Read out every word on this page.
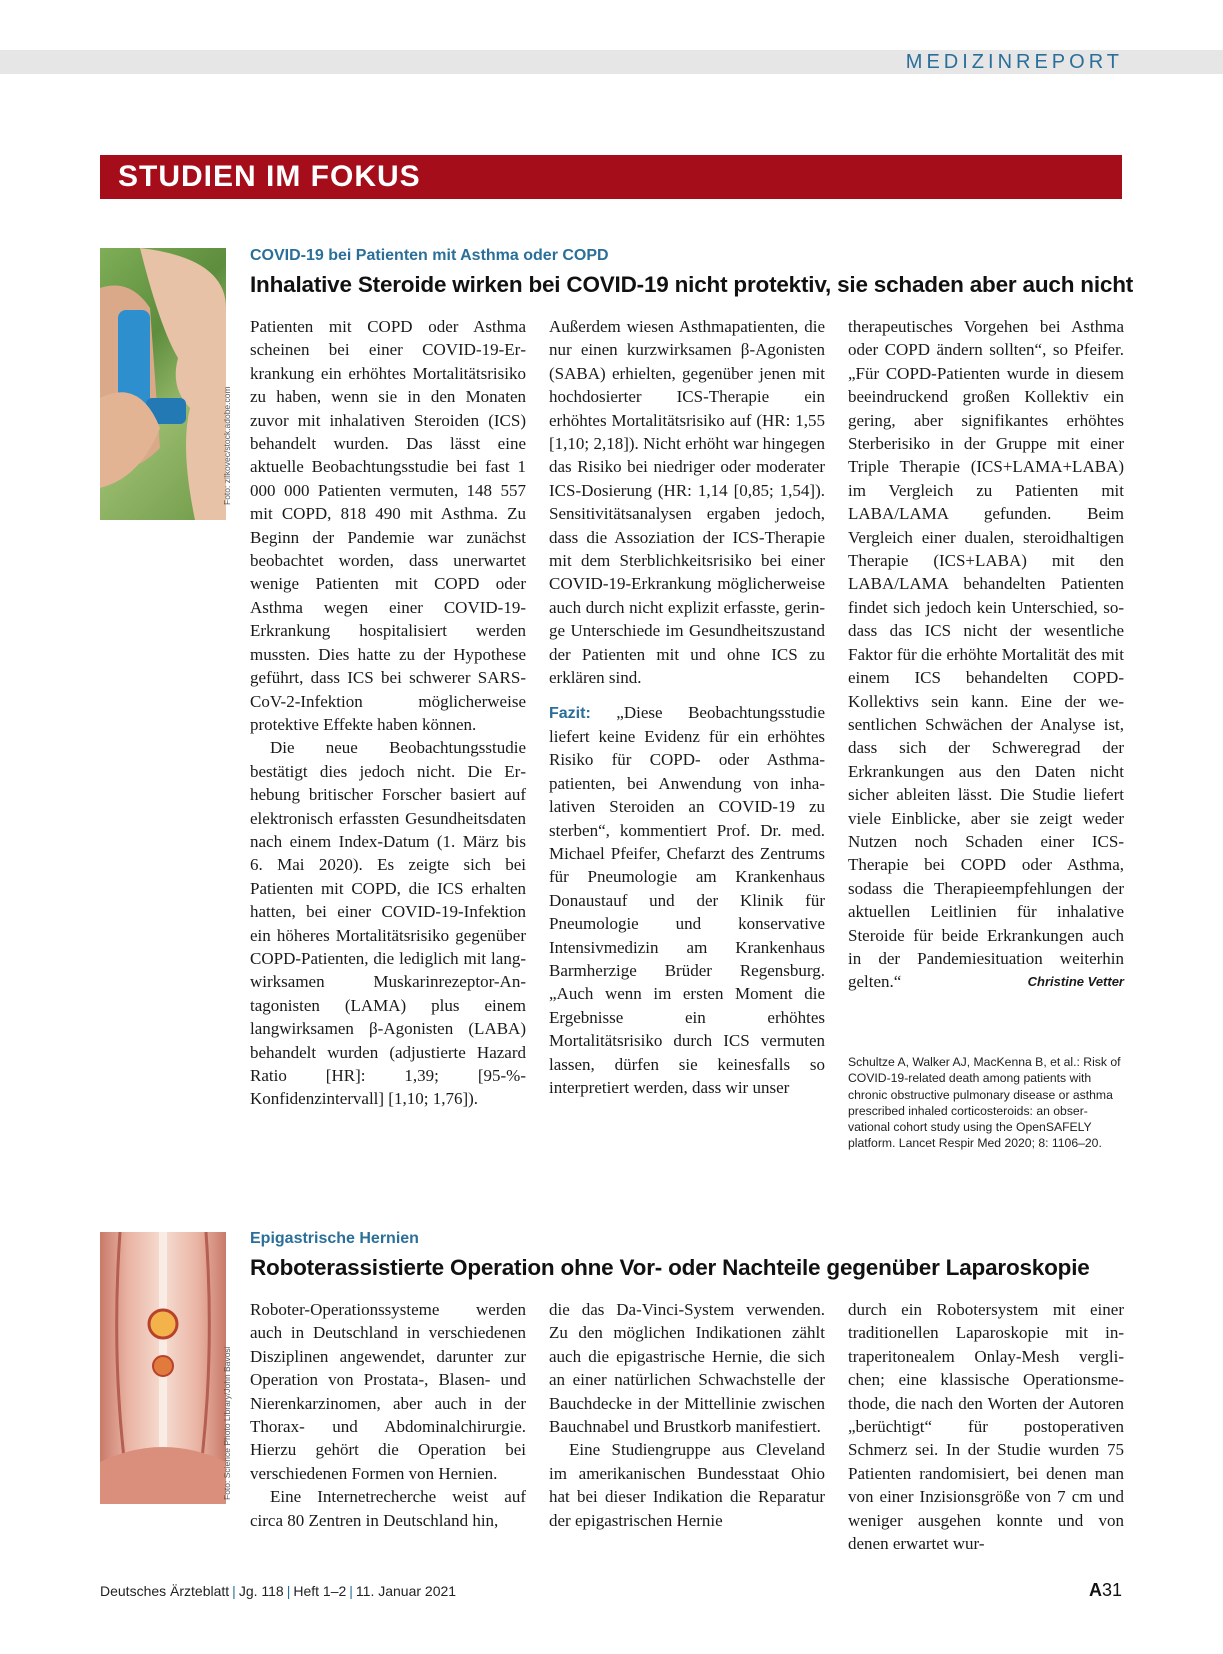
MEDIZINREPORT
STUDIEN IM FOKUS
Foto: zilkovec/stock.adobe.com
COVID-19 bei Patienten mit Asthma oder COPD
Inhalative Steroide wirken bei COVID-19 nicht protektiv, sie schaden aber auch nicht

Patienten mit COPD oder Asthma scheinen bei einer COVID-19-Erkrankung ein erhöhtes Mortalitätsrisiko zu haben, wenn sie in den Monaten zuvor mit inhalativen Steroiden (ICS) behandelt wurden. Das lässt eine aktuelle Beobachtungsstudie bei fast 1 000 000 Patienten vermuten, 148 557 mit COPD, 818 490 mit Asthma. Zu Beginn der Pandemie war zunächst beobachtet worden, dass unerwartet wenige Patienten mit COPD oder Asthma wegen einer COVID-19-Erkrankung hospitalisiert werden mussten. Dies hatte zu der Hypothese geführt, dass ICS bei schwerer SARS-CoV-2-Infektion möglicherweise protektive Effekte haben können.

Die neue Beobachtungsstudie bestätigt dies jedoch nicht. Die Erhebung britischer Forscher basiert auf elektronisch erfassten Gesundheitsdaten nach einem Index-Datum (1. März bis 6. Mai 2020). Es zeigte sich bei Patienten mit COPD, die ICS erhalten hatten, bei einer COVID-19-Infektion ein höheres Mortalitätsrisiko gegenüber COPD-Patienten, die lediglich mit langwirksamen Muskarinrezeptor-Antagonisten (LAMA) plus einem langwirksamen β-Agonisten (LABA) behandelt wurden (adjustierte Hazard Ratio [HR]: 1,39; [95-%-Konfidenzintervall] [1,10; 1,76]).

Außerdem wiesen Asthmapatienten, die nur einen kurzwirksamen β-Agonisten (SABA) erhielten, gegenüber jenen mit hochdosierter ICS-Therapie ein erhöhtes Mortalitätsrisiko auf (HR: 1,55 [1,10; 2,18]). Nicht erhöht war hingegen das Risiko bei niedriger oder moderater ICS-Dosierung (HR: 1,14 [0,85; 1,54]). Sensitivitätsanalysen ergaben jedoch, dass die Assoziation der ICS-Therapie mit dem Sterblichkeitsrisiko bei einer COVID-19-Erkrankung möglicherweise auch durch nicht explizit erfasste, geringe Unterschiede im Gesundheitszustand der Patienten mit und ohne ICS zu erklären sind.

Fazit: „Diese Beobachtungsstudie liefert keine Evidenz für ein erhöhtes Risiko für COPD- oder Asthmapatienten, bei Anwendung von inhalativen Steroiden an COVID-19 zu sterben“, kommentiert Prof. Dr. med. Michael Pfeifer, Chefarzt des Zentrums für Pneumologie am Krankenhaus Donaustauf und der Klinik für Pneumologie und konservative Intensivmedizin am Krankenhaus Barmherzige Brüder Regensburg. „Auch wenn im ersten Moment die Ergebnisse ein erhöhtes Mortalitätsrisiko durch ICS vermuten lassen, dürfen sie keinesfalls so interpretiert werden, dass wir unser

therapeutisches Vorgehen bei Asthma oder COPD ändern sollten“, so Pfeifer. „Für COPD-Patienten wurde in diesem beeindruckend großen Kollektiv ein gering, aber signifikantes erhöhtes Sterberisiko in der Gruppe mit einer Triple Therapie (ICS+LAMA+LABA) im Vergleich zu Patienten mit LABA/LAMA gefunden. Beim Vergleich einer dualen, steroidhaltigen Therapie (ICS+LABA) mit den LABA/LAMA behandelten Patienten findet sich jedoch kein Unterschied, sodass das ICS nicht der wesentliche Faktor für die erhöhte Mortalität des mit einem ICS behandelten COPD-Kollektivs sein kann. Eine der wesentlichen Schwächen der Analyse ist, dass sich der Schweregrad der Erkrankungen aus den Daten nicht sicher ableiten lässt. Die Studie liefert viele Einblicke, aber sie zeigt weder Nutzen noch Schaden einer ICS-Therapie bei COPD oder Asthma, sodass die Therapieempfehlungen der aktuellen Leitlinien für inhalative Steroide für beide Erkrankungen auch in der Pandemiesituation weiterhin gelten.“	Christine Vetter

Schultze A, Walker AJ, MacKenna B, et al.: Risk of COVID-19-related death among patients with chronic obstructive pulmonary disease or asthma prescribed inhaled corticosteroids: an observational cohort study using the OpenSAFELY platform. Lancet Respir Med 2020; 8: 1106–20.
Foto: Science Photo Library/John Bavosi
Epigastrische Hernien
Roboterassistierte Operation ohne Vor- oder Nachteile gegenüber Laparoskopie

Roboter-Operationssysteme werden auch in Deutschland in verschiedenen Disziplinen angewendet, darunter zur Operation von Prostata-, Blasen- und Nierenkarzinomen, aber auch in der Thorax- und Abdominalchirurgie. Hierzu gehört die Operation bei verschiedenen Formen von Hernien.

Eine Internetrecherche weist auf circa 80 Zentren in Deutschland hin,

die das Da-Vinci-System verwenden. Zu den möglichen Indikationen zählt auch die epigastrische Hernie, die sich an einer natürlichen Schwachstelle der Bauchdecke in der Mittellinie zwischen Bauchnabel und Brustkorb manifestiert.

Eine Studiengruppe aus Cleveland im amerikanischen Bundesstaat Ohio hat bei dieser Indikation die Reparatur der epigastrischen Hernie

durch ein Robotersystem mit einer traditionellen Laparoskopie mit intraperitonealem Onlay-Mesh verglichen; eine klassische Operationsmethode, die nach den Worten der Autoren „berüchtigt“ für postoperativen Schmerz sei. In der Studie wurden 75 Patienten randomisiert, bei denen man von einer Inzisionsgröße von 7 cm und weniger ausgehen konnte und von denen erwartet wur-

Deutsches Ärzteblatt | Jg. 118 | Heft 1–2 | 11. Januar 2021	A31
